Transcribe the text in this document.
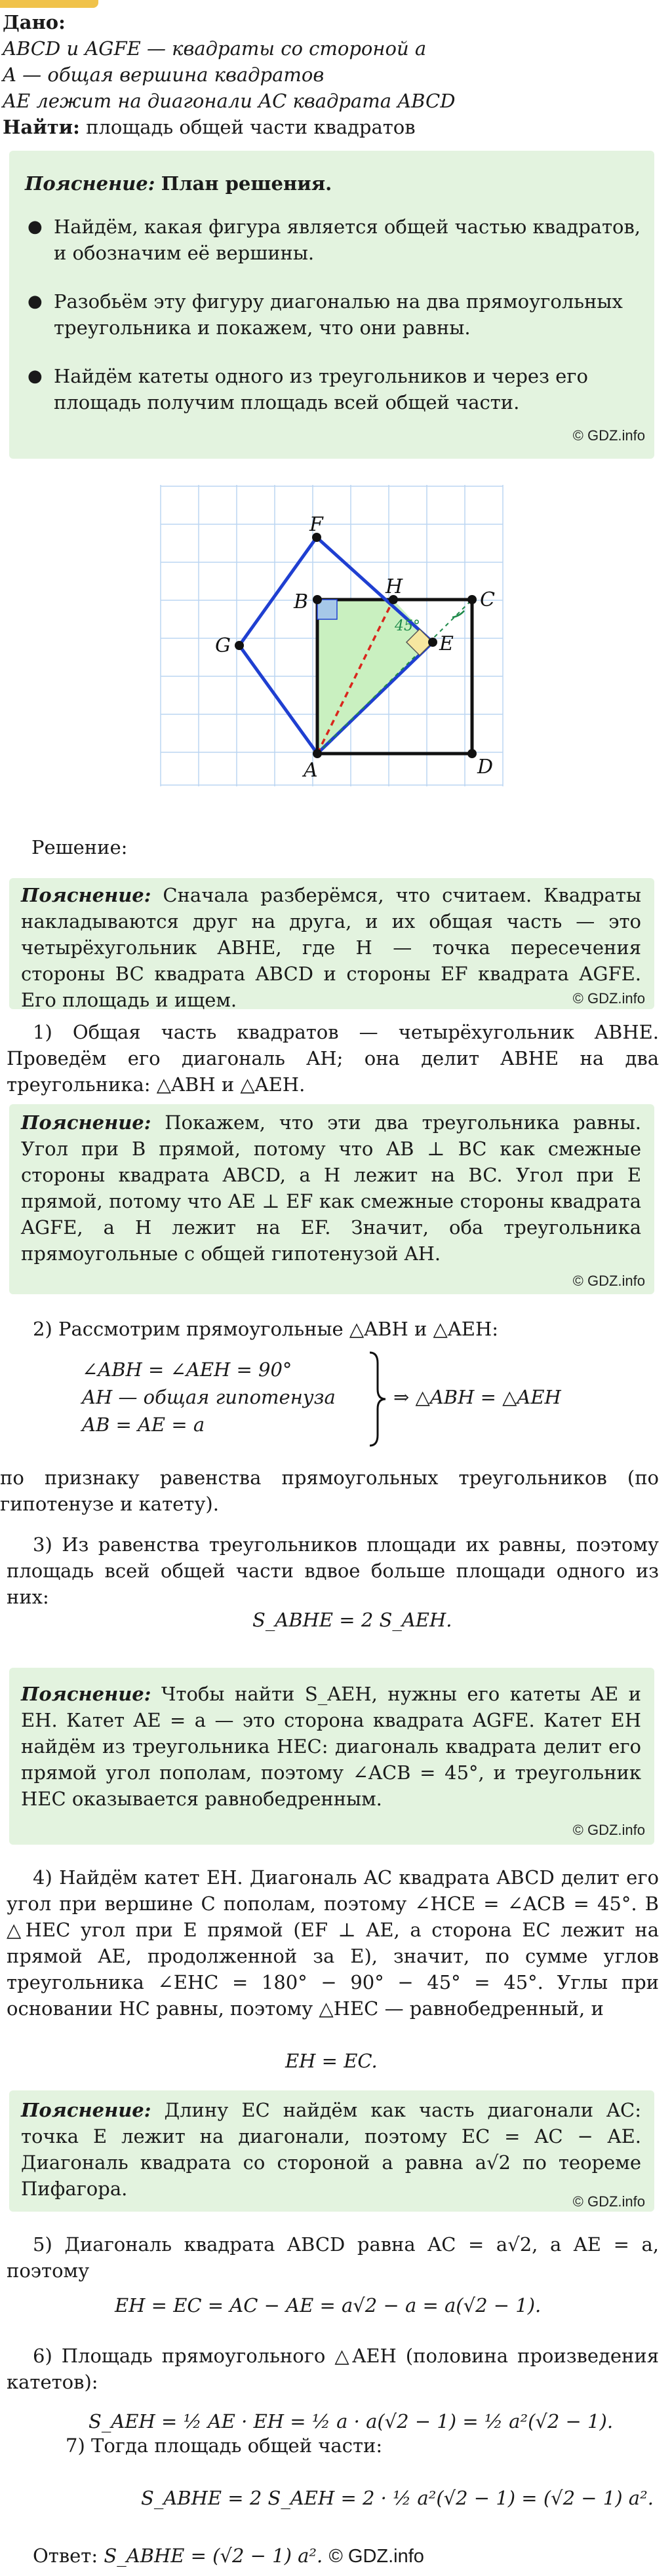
Дано:
ABCD и AGFE — квадраты со стороной a
A — общая вершина квадратов
AE лежит на диагонали AC квадрата ABCD
Найти: площадь общей части квадратов
Пояснение: План решения.
● Найдём, какая фигура является общей частью квадратов, и обозначим её вершины.
● Разобьём эту фигуру диагональю на два прямоугольных треугольника и покажем, что они равны.
● Найдём катеты одного из треугольников и через его площадь получим площадь всей общей части.
© GDZ.info
A
B	C
D
F
G	E
H
45°
Решение:
Пояснение: Сначала разберёмся, что считаем. Квадраты накладываются друг на друга, и их общая часть — это четырёхугольник ABHE, где H — точка пересечения стороны BC квадрата ABCD и стороны EF квадрата AGFE. Его площадь и ищем.	© GDZ.info
1) Общая часть квадратов — четырёхугольник ABHE. Проведём его диагональ AH; она делит ABHE на два треугольника: △ABH и △AEH.
Пояснение: Покажем, что эти два треугольника равны. Угол при B прямой, потому что AB ⊥ BC как смежные стороны квадрата ABCD, а H лежит на BC. Угол при E прямой, потому что AE ⊥ EF как смежные стороны квадрата AGFE, а H лежит на EF. Значит, оба треугольника прямоугольные с общей гипотенузой AH.
© GDZ.info
2) Рассмотрим прямоугольные △ABH и △AEH:
∠ABH = ∠AEH = 90°
AH — общая гипотенуза
AB = AE = a
⇒ △ABH = △AEH
по признаку равенства прямоугольных треугольников (по гипотенузе и катету).
3) Из равенства треугольников площади их равны, поэтому площадь всей общей части вдвое больше площади одного из них:
S_ABHE = 2 S_AEH.
Пояснение: Чтобы найти S_AEH, нужны его катеты AE и EH. Катет AE = a — это сторона квадрата AGFE. Катет EH найдём из треугольника HEC: диагональ квадрата делит его прямой угол пополам, поэтому ∠ACB = 45°, и треугольник HEC оказывается равнобедренным.
© GDZ.info
4) Найдём катет EH. Диагональ AC квадрата ABCD делит его угол при вершине C пополам, поэтому ∠HCE = ∠ACB = 45°. В △HEC угол при E прямой (EF ⊥ AE, а сторона EC лежит на прямой AE, продолженной за E), значит, по сумме углов треугольника ∠EHC = 180° − 90° − 45° = 45°. Углы при основании HC равны, поэтому △HEC — равнобедренный, и
EH = EC.
Пояснение: Длину EC найдём как часть диагонали AC: точка E лежит на диагонали, поэтому EC = AC − AE. Диагональ квадрата со стороной a равна a√2 по теореме Пифагора.
© GDZ.info
5) Диагональ квадрата ABCD равна AC = a√2, а AE = a, поэтому
EH = EC = AC − AE = a√2 − a = a(√2 − 1).
6) Площадь прямоугольного △AEH (половина произведения катетов):
S_AEH = ½ AE · EH = ½ a · a(√2 − 1) = ½ a²(√2 − 1).
7) Тогда площадь общей части:
S_ABHE = 2 S_AEH = 2 · ½ a²(√2 − 1) = (√2 − 1) a².
Ответ: S_ABHE = (√2 − 1) a². © GDZ.info
